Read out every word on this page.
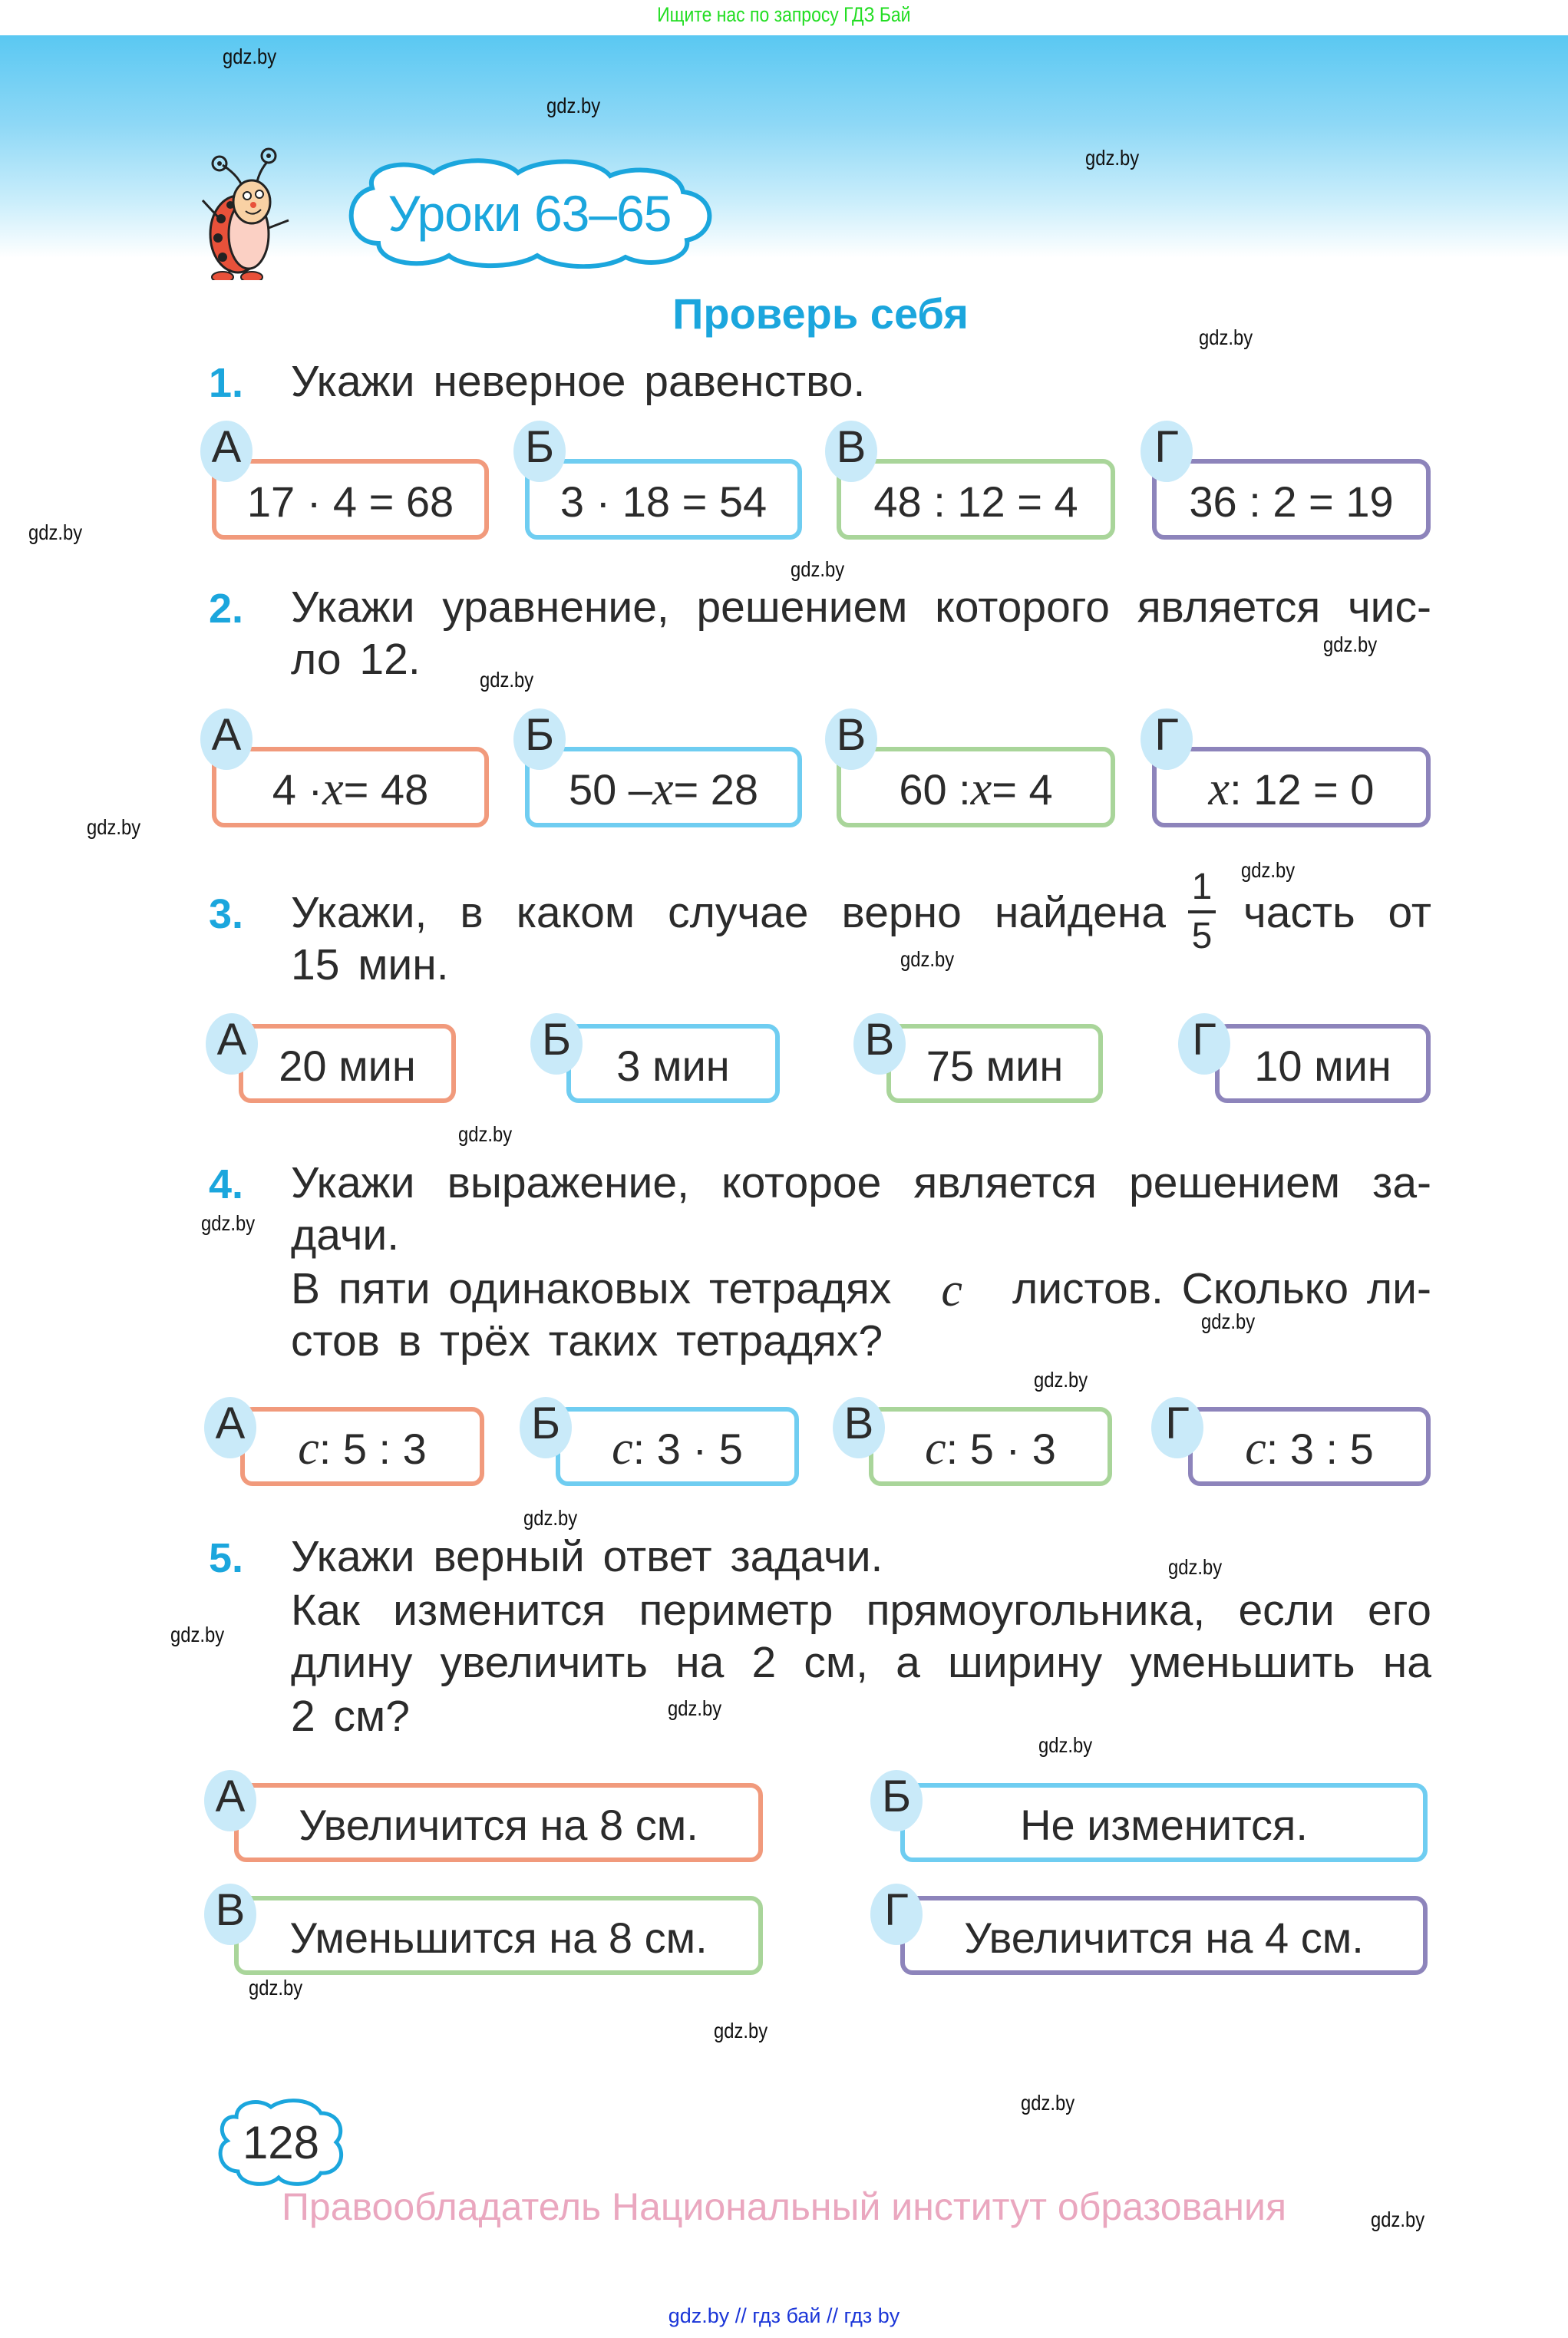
Ищите нас по запросу ГДЗ Бай
gdz.by
gdz.by
gdz.by
gdz.by
gdz.by
gdz.by
gdz.by
gdz.by
gdz.by
gdz.by
gdz.by
gdz.by
gdz.by
gdz.by
gdz.by
gdz.by
gdz.by
gdz.by
gdz.by
gdz.by
gdz.by
gdz.by
gdz.by
gdz.by
Уроки 63–65
Проверь себя
1. Укажи неверное равенство.
17 · 4 = 68 3 · 18 = 54 48 : 12 = 4	36 : 2 = 19
А	Б	В	Г
2. Укажи уравнение, решением которого является чис-
ло 12.
4 · x = 48	50 – x = 28	60 : x = 4	x : 12 = 0
А	Б	В	Г
3. Укажи, в каком случае верно найдена
1
5 часть от
15 мин.
20 мин	3 мин	75 мин	10 мин
А	Б	В	Г
4. Укажи выражение, которое является решением за-
дачи.
В пяти одинаковых тетрадях c листов. Сколько ли-
стов в трёх таких тетрадях?
c : 5 : 3	c : 3 · 5	c : 5 · 3	c : 3 : 5
А	Б	В	Г
5. Укажи верный ответ задачи.
Как изменится периметр прямоугольника, если его
длину увеличить на 2 см, а ширину уменьшить на
2 см?
Увеличится на 8 см.	Не изменится.
Уменьшится на 8 см.	Увеличится на 4 см.
А	Б
В	Г
128
Правообладатель Национальный институт образования
gdz.by // гдз бай // гдз by
